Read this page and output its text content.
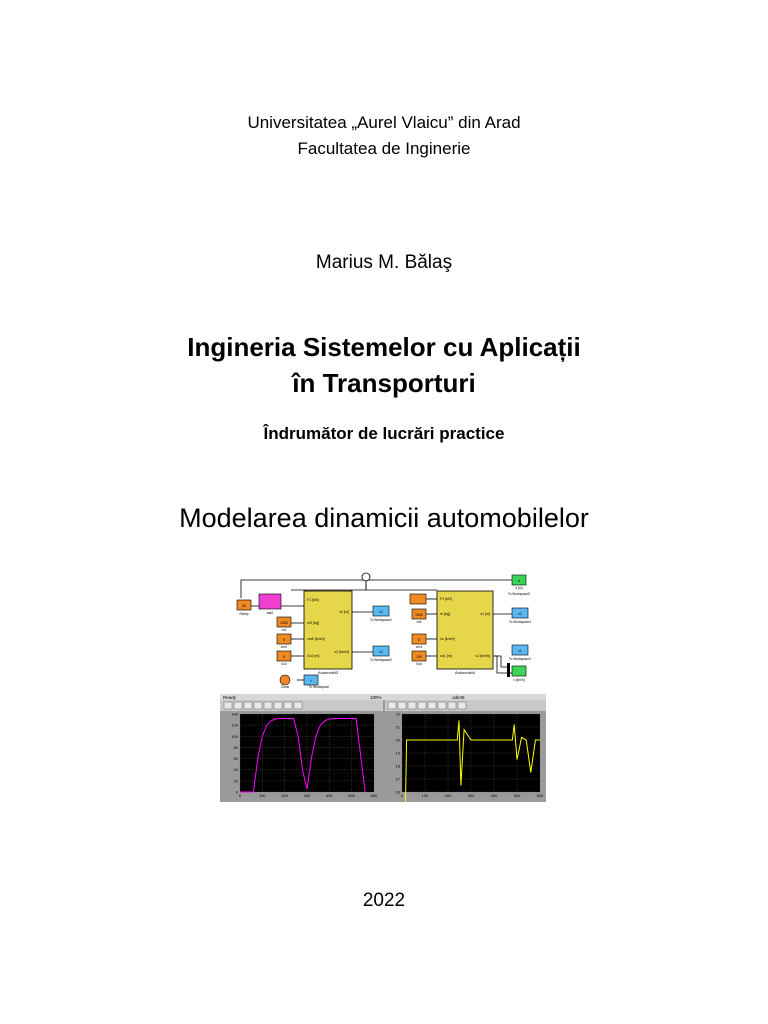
Universitatea „Aurel Vlaicu” din Arad
Facultatea de Inginerie
Marius M. Bălaş
Ingineria Sistemelor cu Aplicații
în Transporturi
Îndrumător de lucrări practice
Modelarea dinamicii automobilelor
Automobil3	Automobil4
F1 [kN]
m0 [kg]
vm0 [km/h]
Xo2 [m]
x2 [m]
v2 [km/h]
F1 [kN]
m [kg]
vo [km/h]
xo1 [m]
x1 [m]
v1 [km/h]
20
Ramp	sat2
1000
m2
0
vm2
0
Xo2
1000
m4
0
vm4
100
Xo4
Clock
x2
To Workspace1
v2
To Workspace2
x1
To Workspace4
v1
To Workspace3
t
To Workspace
d
d [m]
To Workspace5
v [km/h]
Ready	100%	ode45
0	100	200	300	400	500	600
0
20
40
60
80
100
120
140
0	100	200	300	400	500	600
16
17
18
19
20
21
22
2022
